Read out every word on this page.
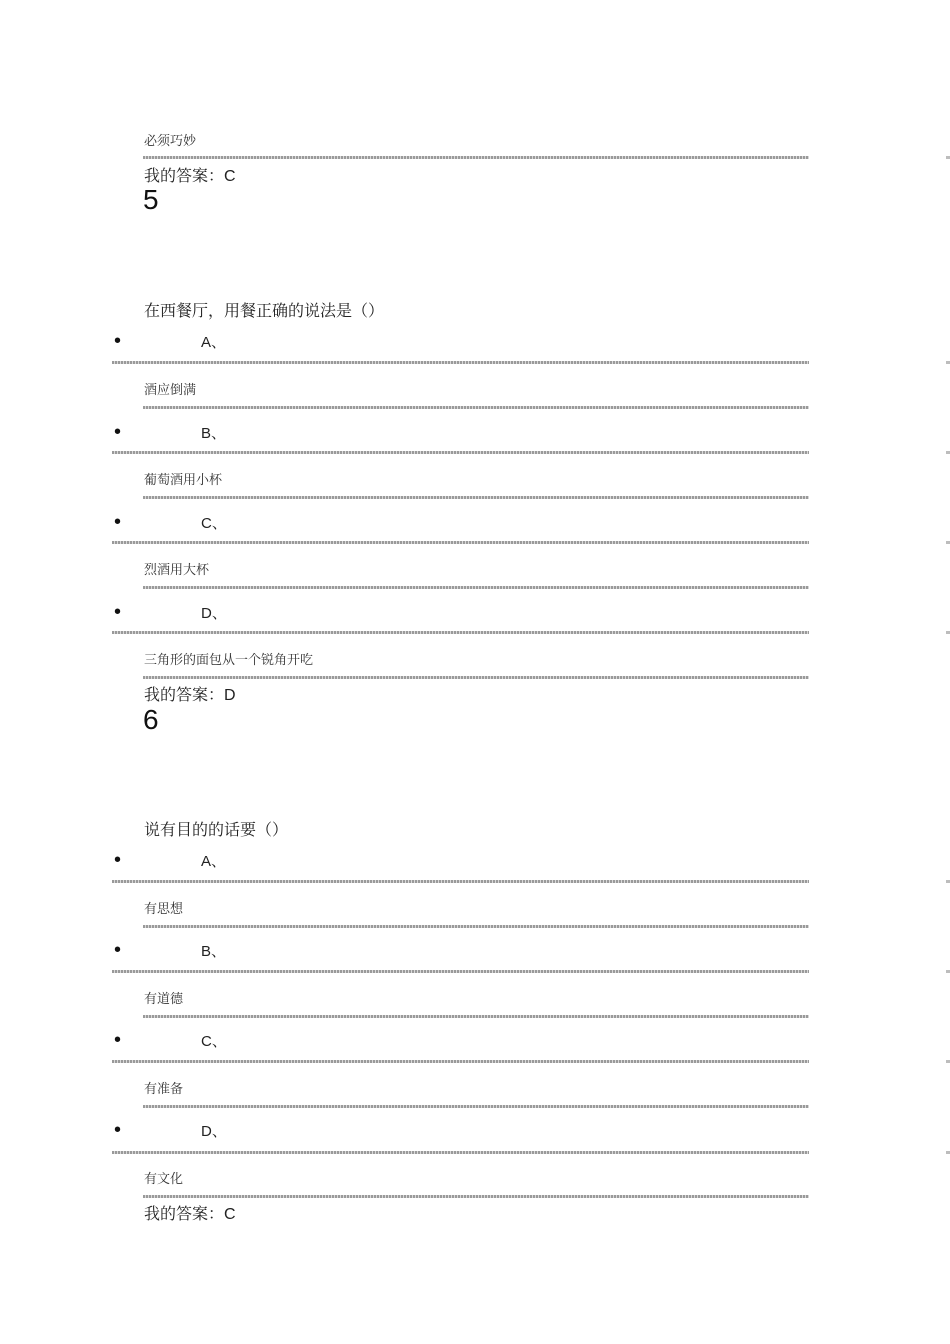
必须巧妙
我的答案：C
5
在西餐厅，用餐正确的说法是（）
•	A、
酒应倒满
•	B、
葡萄酒用小杯
•	C、
烈酒用大杯
•	D、
三角形的面包从一个锐角开吃
我的答案：D
6
说有目的的话要（）
•	A、
有思想
•	B、
有道德
•	C、
有准备
•	D、
有文化
我的答案：C
